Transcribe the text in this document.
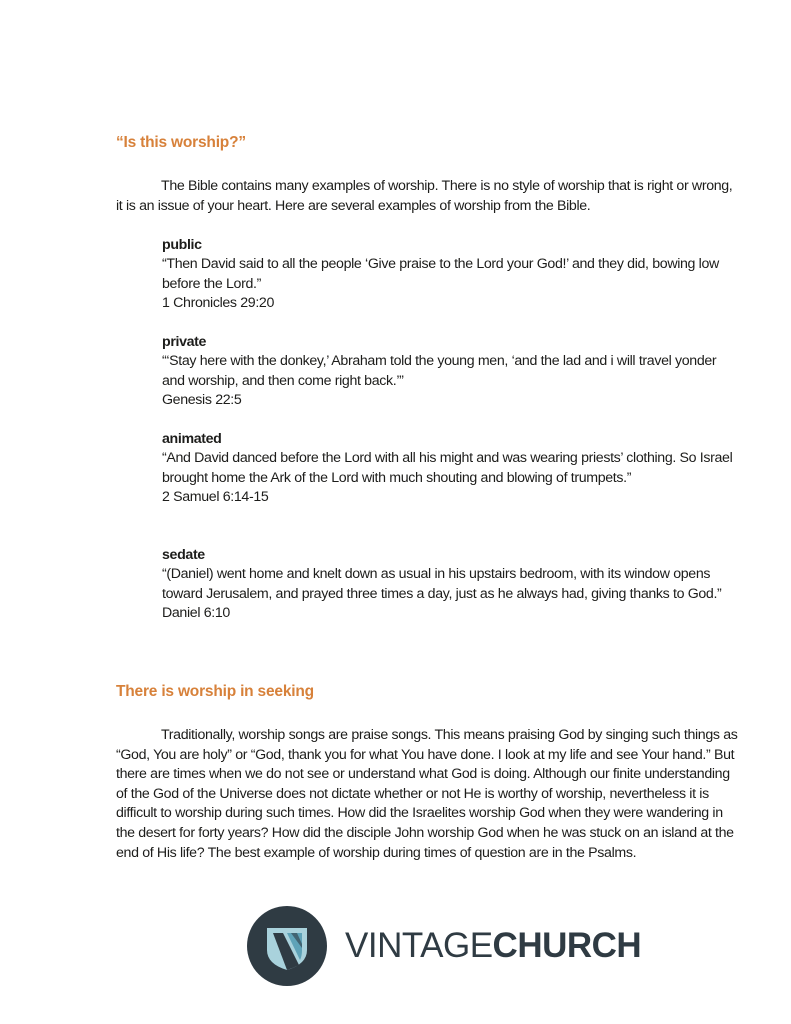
“Is this worship?”

The Bible contains many examples of worship. There is no style of worship that is right or wrong, it is an issue of your heart. Here are several examples of worship from the Bible.

public
“Then David said to all the people ‘Give praise to the Lord your God!’ and they did, bowing low before the Lord.”
1 Chronicles 29:20
private
“‘Stay here with the donkey,’ Abraham told the young men, ‘and the lad and i will travel yonder and worship, and then come right back.’”
Genesis 22:5
animated
“And David danced before the Lord with all his might and was wearing priests’ clothing. So Israel brought home the Ark of the Lord with much shouting and blowing of trumpets.”
2 Samuel 6:14-15
sedate
“(Daniel) went home and knelt down as usual in his upstairs bedroom, with its window opens toward Jerusalem, and prayed three times a day, just as he always had, giving thanks to God.”
Daniel 6:10
There is worship in seeking

Traditionally, worship songs are praise songs. This means praising God by singing such things as “God, You are holy” or “God, thank you for what You have done. I look at my life and see Your hand.” But there are times when we do not see or understand what God is doing. Although our finite understanding of the God of the Universe does not dictate whether or not He is worthy of worship, nevertheless it is difficult to worship during such times. How did the Israelites worship God when they were wandering in the desert for forty years? How did the disciple John worship God when he was stuck on an island at the end of His life? The best example of worship during times of question are in the Psalms.

VINTAGECHURCH
